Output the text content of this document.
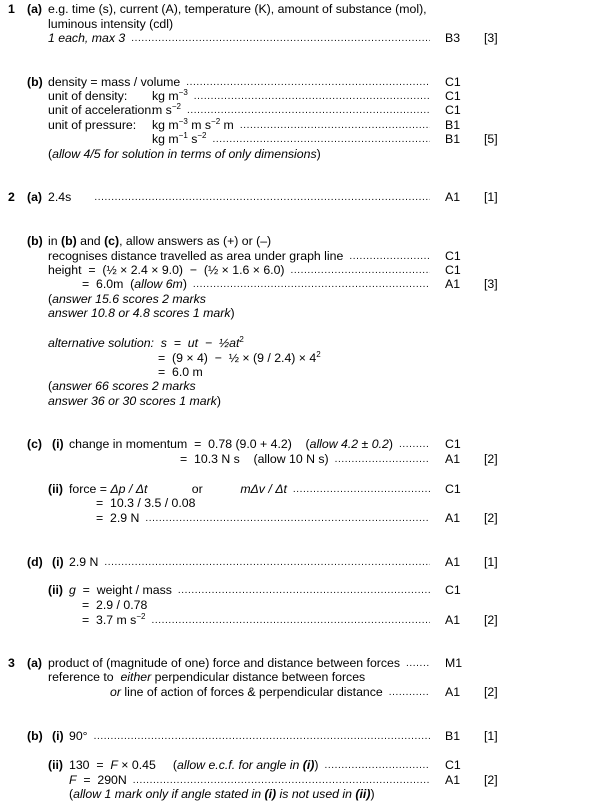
1 (a) e.g. time (s), current (A), temperature (K), amount of substance (mol),
luminous intensity (cdl)
1 each, max 3 .....	B3 [3]
(b) density = mass / volume .....	C1
unit of density: kg $m^{-3}$ .....	C1
unit of acceleration:m $s^{-2}$ .....	C1
unit of pressure: kg $m^{-3}$ m $s^{-2}$ m .....	B1
kg $m^{-1}$ $s^{-2}$ .....	B1 [5]
(allow 4/5 for solution in terms of only dimensions)
2 (a) 2.4s .....	A1 [1]
(b) in (b) and (c), allow answers as (+) or (–)
recognises distance travelled as area under graph line .....	C1
height  =  (½ × 2.4 × 9.0)  −  (½ × 1.6 × 6.0) .....	C1
=  6.0m  (allow 6m) .....	A1 [3]
(answer 15.6 scores 2 marks
answer 10.8 or 4.8 scores 1 mark)
alternative solution:  s  =  ut  −  $\frac{1}{2}at^2$
=  (9 × 4)  −  ½ × $(9 / 2.4) \times 4^2$
=  6.0 m
(answer 66 scores 2 marks
answer 36 or 30 scores 1 mark)
(c) (i) change in momentum  =  0.78 (9.0 + 4.2)    (allow 4.2 ± 0.2) .....	C1
=  10.3 N s    (allow 10 N s) .....	A1 [2]
(ii) force = Δp / Δt             or           mΔv / Δt .....	C1
=  10.3 / 3.5 / 0.08
=  2.9 N .....	A1 [2]
(d) (i) 2.9 N .....	A1 [1]
(ii) g  =  weight / mass .....	C1
=  2.9 / 0.78
=  3.7 m $s^{-2}$ .....	A1 [2]
3 (a) product of (magnitude of one) force and distance between forces .....	M1
reference to  either perpendicular distance between forces
or line of action of forces & perpendicular distance .....	A1 [2]
(b) (i) 90° .....	B1 [1]
(ii) 130  =  F × 0.45     (allow e.c.f. for angle in (i)) .....	C1
F  =  290N .....	A1 [2]
(allow 1 mark only if angle stated in (i) is not used in (ii))
